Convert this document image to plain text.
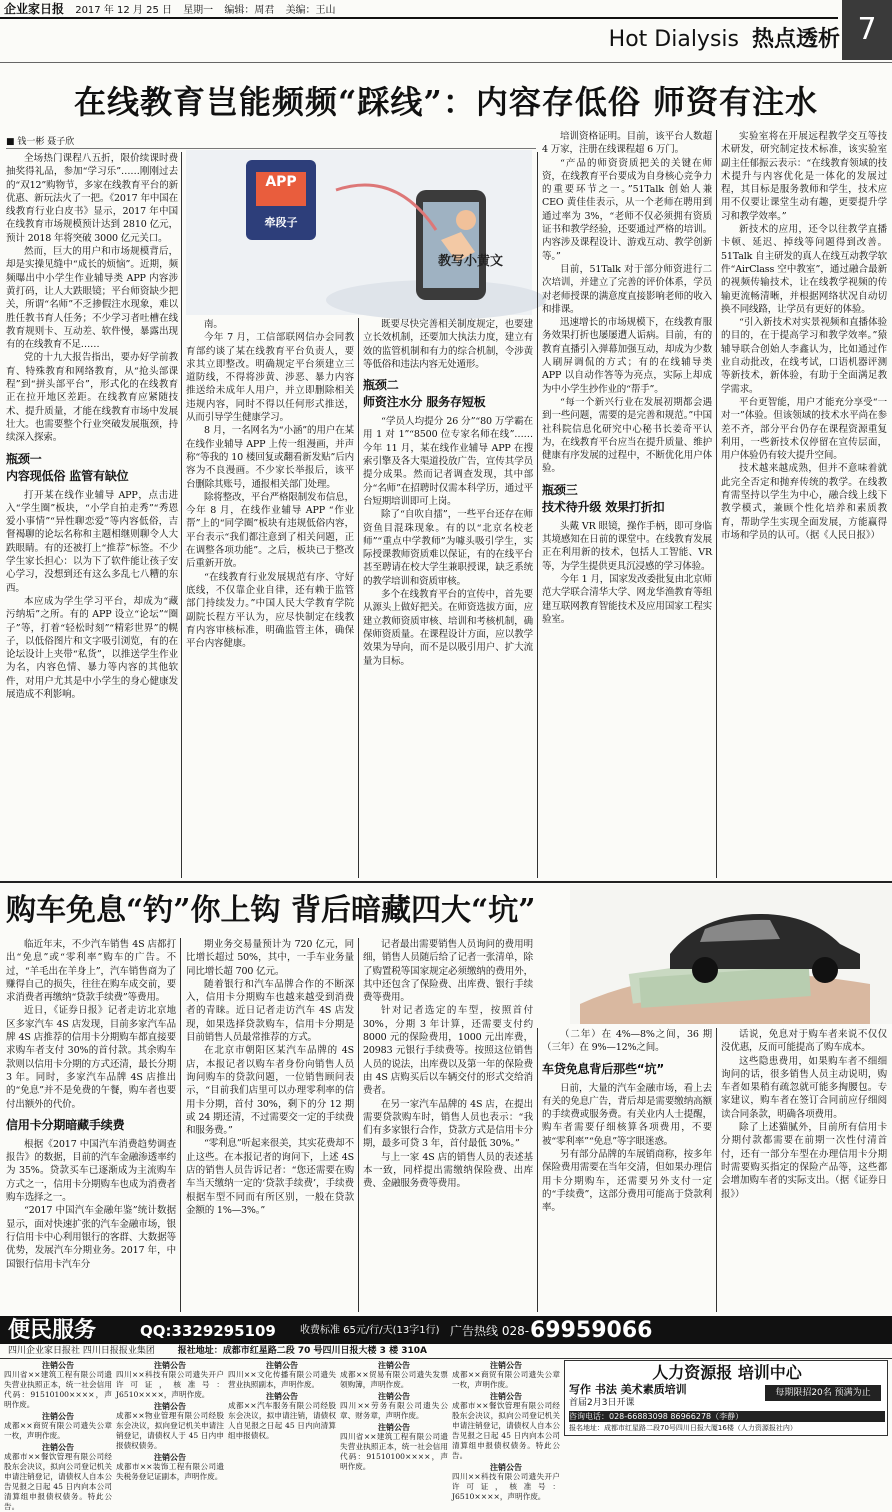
企业家日报 2017 年 12 月 25 日 星期一 编辑：周君 美编：王山
Hot Dialysis 热点透析 7
在线教育岂能频频“踩线”：内容存低俗 师资有注水
■ 钱一彬 聂子欣
APP
牵段子
教写小黄文

全场热门课程八五折，限价续课时费抽奖得礼品，参加“学习乐”……刚刚过去的“双12”购物节，多家在线教育平台的新优惠、新玩法火了一把。《2017 年中国在线教育行业白皮书》显示，2017 年中国在线教育市场规模预计达到 2810 亿元，预计 2018 年将突破 3000 亿元关口。

然而，巨大的用户和市场规模背后，却是实操见缝中“成长的烦恼”。近期，频频曝出中小学生作业辅导类 APP 内容涉黄打码，让人大跌眼镜；平台师资缺少把关，所谓“名师”不乏掺假注水现象，难以胜任教书育人任务；不少学习者吐槽在线教育规则卡、互动差、软件慢，暴露出现有的在线教育不足……

党的十九大报告指出，要办好学前教育、特殊教育和网络教育，从“抢头部课程”到“拼头部平台”，形式化的在线教育正在拉开地区差距。在线教育应紧随技术、提升质量，才能在线教育市场中发展壮大。也需要整个行业突破发展瓶颈，持续深入探索。

瓶颈一
内容现低俗 监管有缺位

打开某在线作业辅导 APP，点击进入“学生圈”板块，“小学自拍走秀”“秀恩爱小事情”“异性聊恋爱”等内容低俗，吉督褐聊的论坛名称和主题相继则聊令人大跌眼睛。有的还被打上“推荐”标签。不少学生家长担心：以为下了软件能让孩子安心学习，没想到还有这么多乱七八糟的东西。

本应成为学生学习平台，却成为“藏污纳垢”之所。有的 APP 设立“论坛”“圈子”等，打着“轻松时刻”“精彩世界”的幌子，以低俗图片和文字吸引浏览，有的在论坛设计上夹带“私货”，以推送学生作业为名，内容色情、暴力等内容的其他软件，对用户尤其是中小学生的身心健康发展造成不利影响。

南。

今年 7 月，工信部联网信办会同教育部约谈了某在线教育平台负责人，要求其立即整改。明确规定平台须建立三道防线，不得将涉黄、涉恶、暴力内容推送给未成年人用户，并立即删除相关违规内容，同时不得以任何形式推送，从而引导学生健康学习。

8 月，一名网名为“小涵”的用户在某在线作业辅导 APP 上传一组漫画，并声称“等我的 10 楼回复或翻看新发贴”后内容为不良漫画。不少家长举报后，该平台删除其账号，通报相关部门处理。

除将整改，平台严格限制发布信息，今年 8 月，在线作业辅导 APP “作业帮”上的“同学圈”板块有违规低俗内容，平台表示“我们都注意到了相关问题，正在调整各项功能”。之后，板块已于整改后重新开放。

“在线教育行业发展规范有序、守好底线，不仅靠企业自律，还有赖于监管部门持续发力。”中国人民大学教育学院副院长程方平认为，应尽快制定在线教育内容审核标准，明确监管主体，确保平台内容健康。

既要尽快完善相关制度规定，也要建立长效机制，还要加大执法力度，建立有效的监管机制和有力的综合机制，令涉黄等低俗和违法内容无处遁形。

瓶颈二
师资注水分 服务存短板

“学员人均提分 26 分”“80 万学霸在用 1 对 1”“8500 位专家名师在线”……今年 11 月，某在线作业辅导 APP 在搜索引擎及各大渠道投放广告，宣传其学员提分成果。然而记者调查发现，其中部分“名师”在招聘时仅需本科学历，通过平台短期培训即可上岗。

除了“自吹自擂”，一些平台还存在师资鱼目混珠现象。有的以“北京名校老师”“重点中学教师”为噱头吸引学生，实际授课教师资质难以保证，有的在线平台甚至聘请在校大学生兼职授课，缺乏系统的教学培训和资质审核。

多个在线教育平台的宣传中，首先要从源头上做好把关。在师资选拔方面，应建立教师资质审核、培训和考核机制，确保师资质量。在课程设计方面，应以教学效果为导向，而不是以吸引用户、扩大流量为目标。

培训资格证明。目前，该平台人数超 4 万家，注册在线课程超 6 万门。

“产品的师资资质把关的关键在师资，在线教育平台要成为自身核心竞争力的重要环节之一。”51Talk 创始人兼 CEO 黄佳佳表示，从一个老师在聘用到通过率为 3%，“老师不仅必须拥有资质证书和教学经验，还要通过严格的培训。内容涉及课程设计、游戏互动、教学创新等。”

目前，51Talk 对于部分师资进行二次培训，并建立了完善的评价体系，学员对老师授课的满意度直接影响老师的收入和排课。

迅速增长的市场规模下，在线教育服务效果打折也屡屡遭人诟病。目前，有的教育直播引入弹幕加强互动，却成为少数人刷屏调侃的方式；有的在线辅导类 APP 以自动作答等为亮点，实际上却成为中小学生抄作业的“帮手”。

“每一个新兴行业在发展初期都会遇到一些问题，需要的是完善和规范。”中国社科院信息化研究中心秘书长姜奇平认为，在线教育平台应当在提升质量、维护健康有序发展的过程中，不断优化用户体验。

瓶颈三
技术待升级 效果打折扣

头戴 VR 眼镜，操作手柄，即可身临其境感知在日前的课堂中。在线教育发展正在利用新的技术，包括人工智能、VR 等，为学生提供更具沉浸感的学习体验。

今年 1 月，国家发改委批复由北京师范大学联合清华大学、网龙华渔教育等组建互联网教育智能技术及应用国家工程实验室。

实验室将在开展远程教学交互等技术研发，研究制定技术标准，该实验室副主任郁振云表示：“在线教育领域的技术提升与内容优化是一体化的发展过程，其目标是服务教师和学生，技术应用不仅要让课堂生动有趣，更要提升学习和教学效率。”

新技术的应用，还令以往教学直播卡顿、延迟、掉线等问题得到改善。51Talk 自主研发的真人在线互动教学软件“AirClass 空中教室”，通过融合最新的视频传输技术，让在线教学视频的传输更流畅清晰，并根据网络状况自动切换不同线路，让学员有更好的体验。

“引入新技术对实景视频和直播体验的目的，在于提高学习和教学效率。”猿辅导联合创始人李鑫认为，比如通过作业自动批改，在线考试，口语机器评测等新技术，新体验，有助于全面满足教学需求。

平台更智能，用户才能充分享受“一对一”体验。但该领域的技术水平尚在参差不齐，部分平台仍存在课程资源重复利用，一些新技术仅停留在宣传层面，用户体验仍有较大提升空间。

技术越来越成熟，但并不意味着就此完全否定和抛弃传统的教学。在线教育需坚持以学生为中心，融合线上线下教学模式，兼顾个性化培养和素质教育，帮助学生实现全面发展，方能赢得市场和学员的认可。（据《人民日报》）

购车免息“钓”你上钩 背后暗藏四大“坑”

临近年末，不少汽车销售 4S 店都打出“免息”或“零利率”购车的广告。不过，“羊毛出在羊身上”，汽车销售商为了赚得自己的损失，往往在购车成交前，要求消费者再缴纳“贷款手续费”等费用。

近日，《证券日报》记者走访北京地区多家汽车 4S 店发现，目前多家汽车品牌 4S 店推荐的信用卡分期购车都直接要求购车者支付 30%的首付款。其余购车款则以信用卡分期的方式还清，最长分期 3 年。同时，多家汽车品牌 4S 店推出的“免息”并不是免费的午餐，购车者也要付出额外的代价。

信用卡分期暗藏手续费

根据《2017 中国汽车消费趋势调查报告》的数据，目前的汽车金融渗透率约为 35%。贷款买车已逐渐成为主流购车方式之一，信用卡分期购车也成为消费者购车选择之一。

“2017 中国汽车金融年鉴”统计数据显示，面对快速扩张的汽车金融市场，银行信用卡中心利用银行的客群、大数据等优势，发展汽车分期业务。2017 年，中国银行信用卡汽车分

期业务交易量预计为 720 亿元，同比增长超过 50%，其中，一手车业务量同比增长超 700 亿元。

随着银行和汽车品牌合作的不断深入，信用卡分期购车也越来越受到消费者的青睐。近日记者走访汽车 4S 店发现，如果选择贷款购车，信用卡分期是目前销售人员最常推荐的方式。

在北京市朝阳区某汽车品牌的 4S 店，本报记者以购车者身份向销售人员询问购车的贷款问题，一位销售顾问表示，“目前我们店里可以办理零利率的信用卡分期，首付 30%，剩下的分 12 期或 24 期还清，不过需要交一定的手续费和服务费。”

“零利息”听起来很美，其实花费却不止这些。在本报记者的询问下，上述 4S 店的销售人员告诉记者：“您还需要在购车当天缴纳一定的‘贷款手续费’，手续费根据车型不同而有所区别，一般在贷款金额的 1%—3%。”

记者最出需要销售人员询问的费用明细，销售人员随后给了记者一张清单，除了购置税等国家规定必须缴纳的费用外，其中还包含了保险费、出库费、银行手续费等费用。

针对记者选定的车型，按照首付 30%，分期 3 年计算，还需要支付约 8000 元的保险费用，1000 元出库费，20983 元银行手续费等。按照这位销售人员的说法，出库费以及第一年的保险费由 4S 店购买后以车辆交付的形式交给消费者。

在另一家汽车品牌的 4S 店，在提出需要贷款购车时，销售人员也表示：“我们有多家银行合作，贷款方式是信用卡分期，最多可贷 3 年，首付最低 30%。”

与上一家 4S 店的销售人员的表述基本一致，同样提出需缴纳保险费、出库费、金融服务费等费用。

（二年）在 4%—8%之间，36 期（三年）在 9%—12%之间。

车贷免息背后那些“坑”

日前，大量的汽车金融市场，看上去有关的免息广告，背后却是需要缴纳高额的手续费或服务费。有关业内人士提醒，购车者需要仔细核算各项费用，不要被“零利率”“免息”等字眼迷惑。

另有部分品牌的车展销商称，按多年保险费用需要在当年交清，但如果办理信用卡分期购车，还需要另外支付一定的“手续费”，这部分费用可能高于贷款利率。

话说，免息对于购车者来说不仅仅没优惠，反而可能提高了购车成本。

这些隐患费用，如果购车者不细细询问的话，很多销售人员主动说明，购车者如果稍有疏忽就可能多掏腰包。专家建议，购车者在签订合同前应仔细阅读合同条款，明确各项费用。

除了上述猫腻外，目前所有信用卡分期付款都需要在前期一次性付清首付，还有一部分车型在办理信用卡分期时需要购买指定的保险产品等，这些都会增加购车者的实际支出。（据《证券日报》）

便民服务	QQ:3329295109 收费标准 65元/行/天(13字1行) 广告热线 028- 69959066
四川企业家日报社 四川日报报业集团	报社地址：成都市红星路二段 70 号四川日报大楼 3 楼 310A
注销公告

四川省××建筑工程有限公司遗失营业执照正本，统一社会信用代码：91510100××××，声明作废。

注销公告

成都××商贸有限公司遗失公章一枚，声明作废。

注销公告

成都市××餐饮管理有限公司经股东会决议，拟向公司登记机关申请注销登记，请债权人自本公告见报之日起 45 日内向本公司清算组申报债权债务。特此公告。

注销公告

四川××科技有限公司遗失开户许可证，核准号：J6510××××，声明作废。

注销公告

成都××物业管理有限公司经股东会决议，拟向登记机关申请注销登记，请债权人于 45 日内申报债权债务。

注销公告

成都市××装饰工程有限公司遗失税务登记证副本，声明作废。

注销公告

四川××文化传播有限公司遗失营业执照副本，声明作废。

注销公告

成都××汽车服务有限公司经股东会决议，拟申请注销，请债权人自见报之日起 45 日内向清算组申报债权。

注销公告

成都××贸易有限公司遗失发票领购簿，声明作废。

注销公告

四川××劳务有限公司遗失公章、财务章，声明作废。

注销公告

四川省××建筑工程有限公司遗失营业执照正本，统一社会信用代码：91510100××××，声明作废。

注销公告

成都××商贸有限公司遗失公章一枚，声明作废。

注销公告

成都市××餐饮管理有限公司经股东会决议，拟向公司登记机关申请注销登记，请债权人自本公告见报之日起 45 日内向本公司清算组申报债权债务。特此公告。

注销公告

四川××科技有限公司遗失开户许可证，核准号：J6510××××，声明作废。

人力资源报 培训中心
写作 书法 美术素质培训
首届2月3日开课
每期限招20名 预满为止
咨询电话：028-66883098 86966278（李静）
报名地址：成都市红星路二段70号四川日报大厦16楼（人力资源报社内）
